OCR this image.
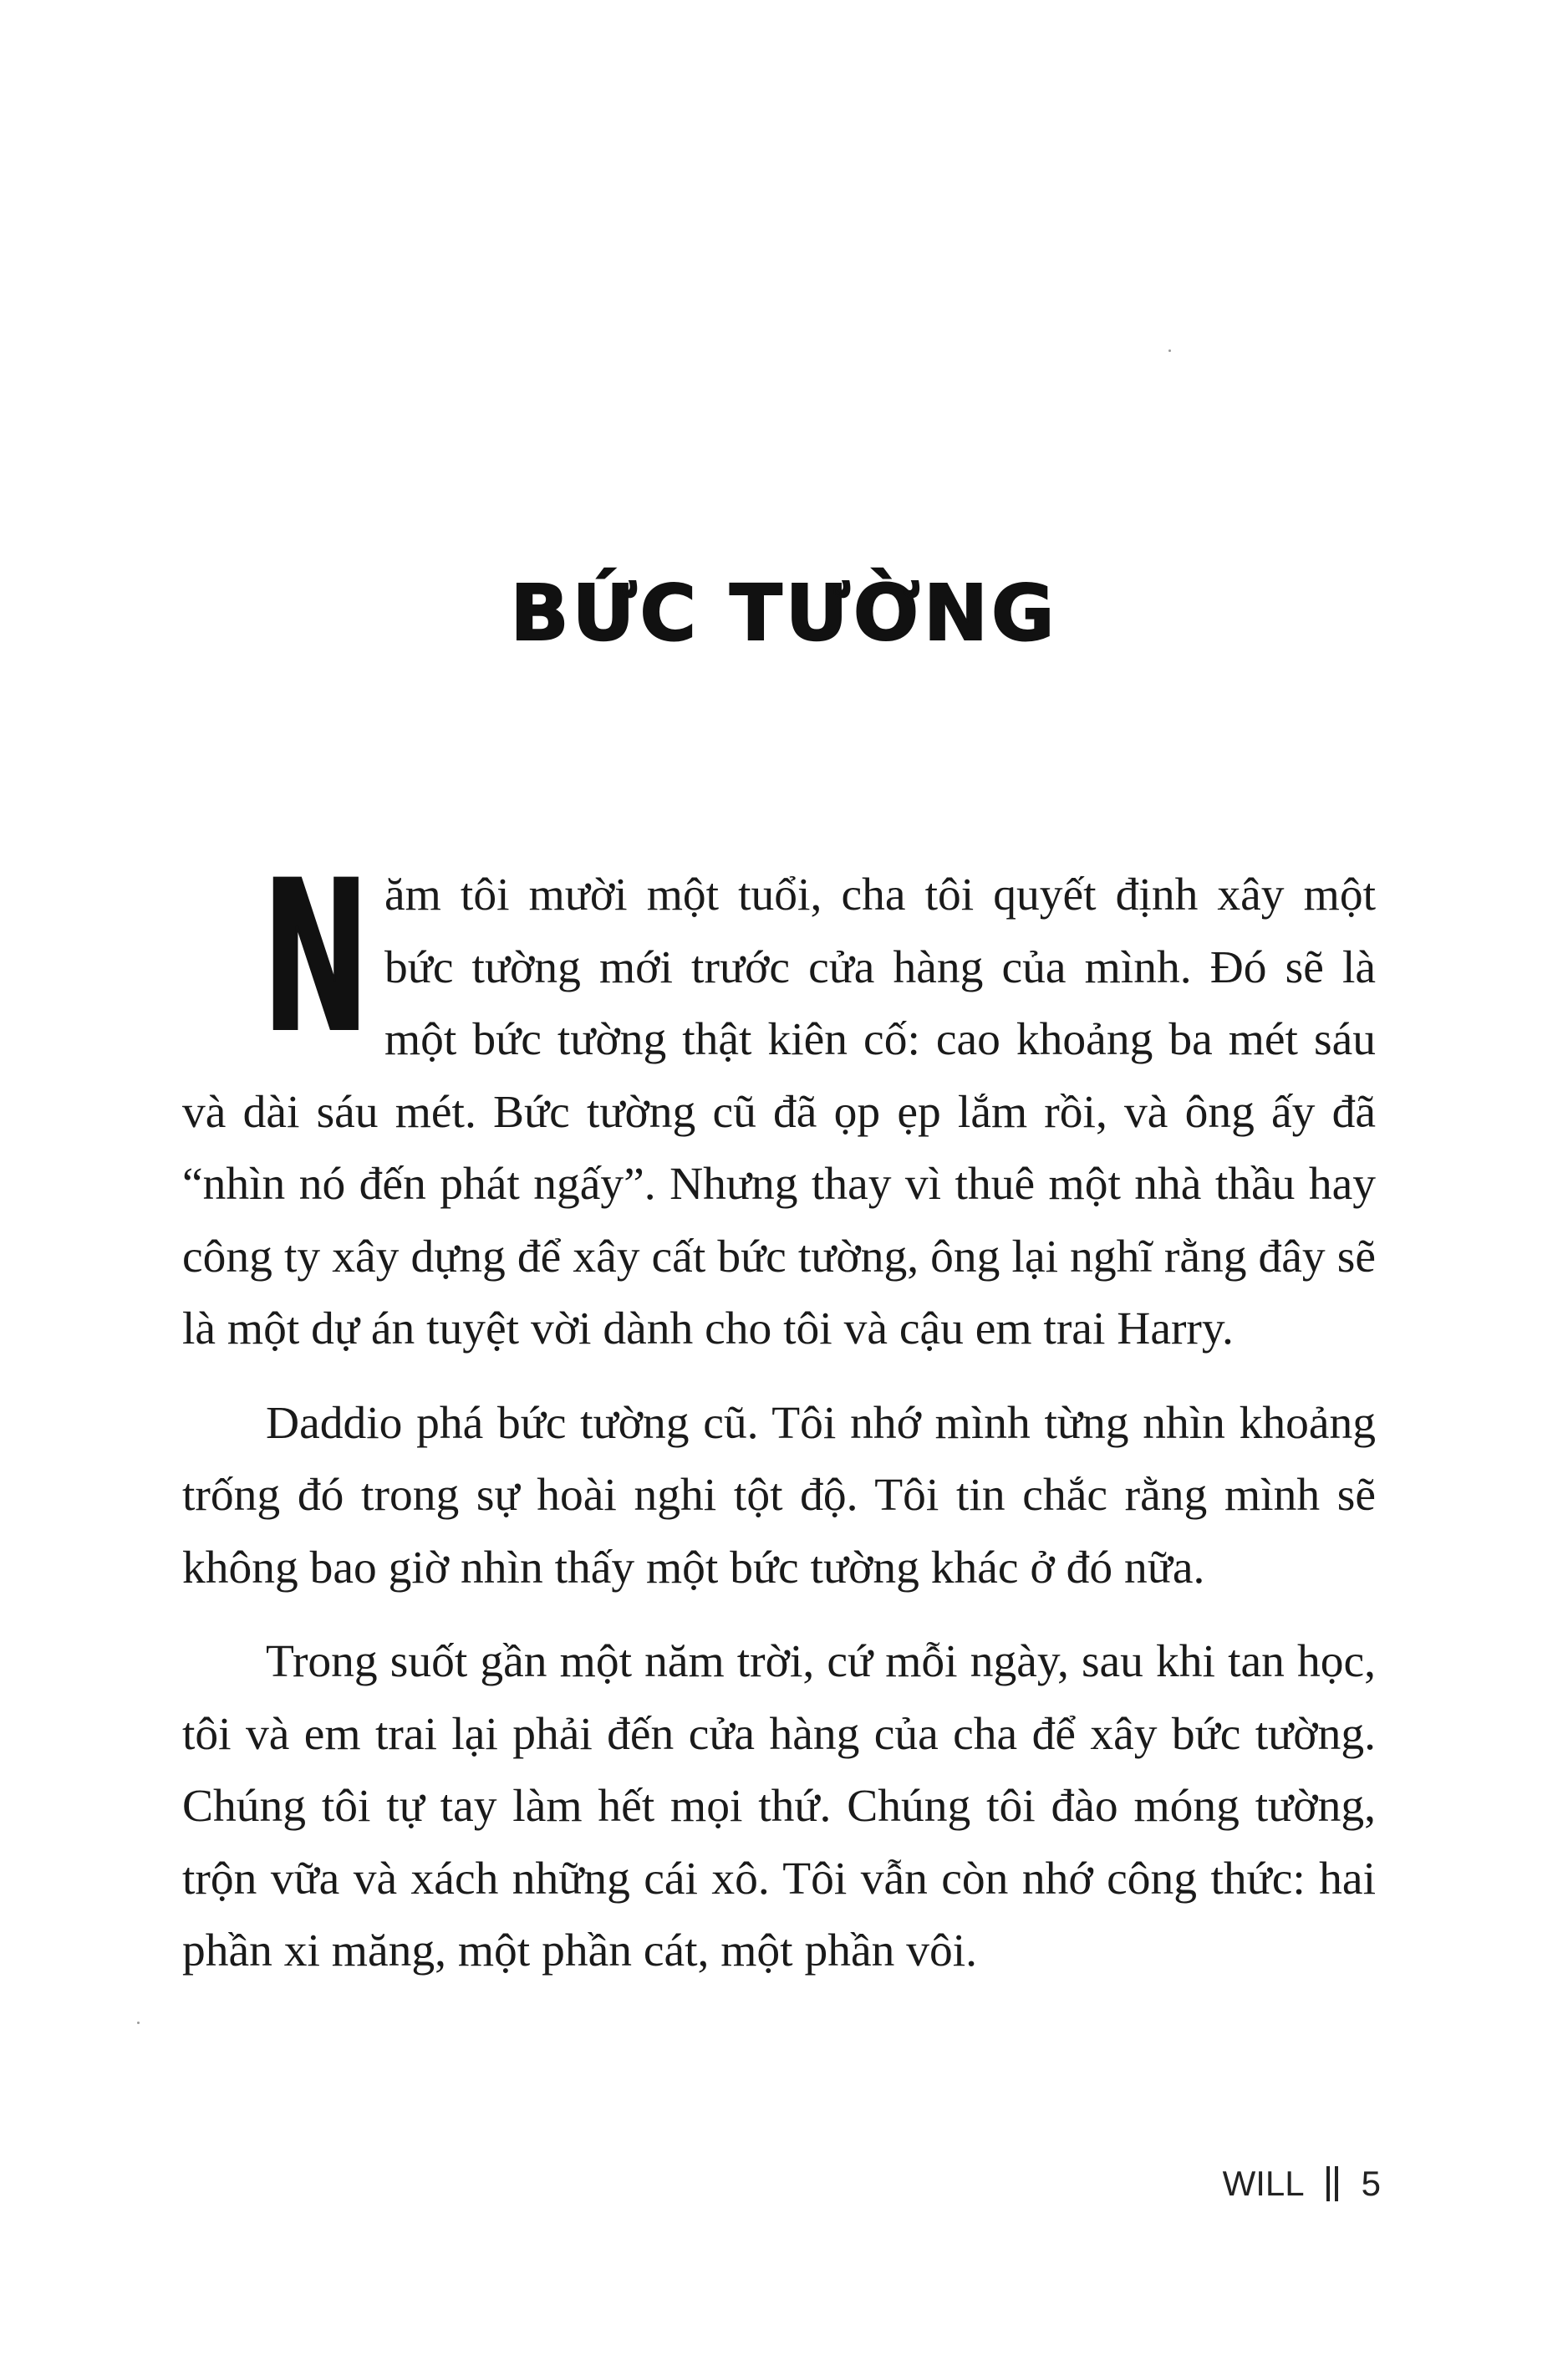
BỨC TƯỜNG

Năm tôi mười một tuổi, cha tôi quyết định xây một bức tường mới trước cửa hàng của mình. Đó sẽ là một bức tường thật kiên cố: cao khoảng ba mét sáu và dài sáu mét. Bức tường cũ đã ọp ẹp lắm rồi, và ông ấy đã “nhìn nó đến phát ngấy”. Nhưng thay vì thuê một nhà thầu hay công ty xây dựng để xây cất bức tường, ông lại nghĩ rằng đây sẽ là một dự án tuyệt vời dành cho tôi và cậu em trai Harry.

Daddio phá bức tường cũ. Tôi nhớ mình từng nhìn khoảng trống đó trong sự hoài nghi tột độ. Tôi tin chắc rằng mình sẽ không bao giờ nhìn thấy một bức tường khác ở đó nữa.

Trong suốt gần một năm trời, cứ mỗi ngày, sau khi tan học, tôi và em trai lại phải đến cửa hàng của cha để xây bức tường. Chúng tôi tự tay làm hết mọi thứ. Chúng tôi đào móng tường, trộn vữa và xách những cái xô. Tôi vẫn còn nhớ công thức: hai phần xi măng, một phần cát, một phần vôi.

WILL 5
